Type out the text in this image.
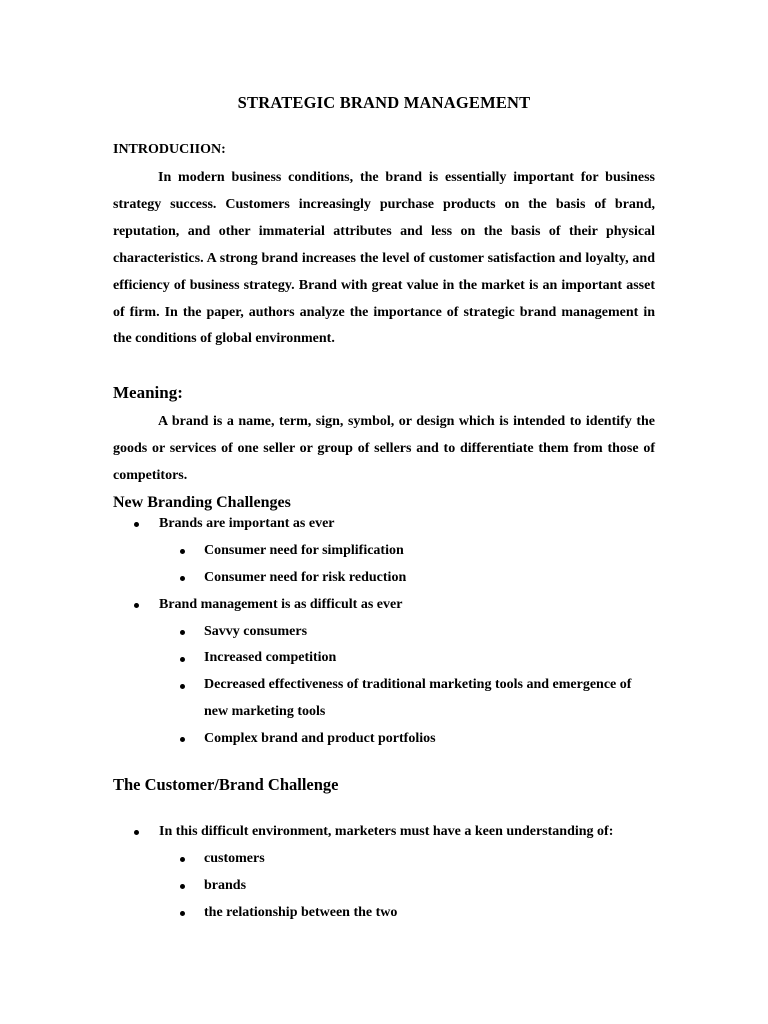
STRATEGIC BRAND MANAGEMENT
INTRODUCIION:

In modern business conditions, the brand is essentially important for business strategy success. Customers increasingly purchase products on the basis of brand, reputation, and other immaterial attributes and less on the basis of their physical characteristics. A strong brand increases the level of customer satisfaction and loyalty, and efficiency of business strategy. Brand with great value in the market is an important asset of firm. In the paper, authors analyze the importance of strategic brand management in the conditions of global environment.

Meaning:

A brand is a name, term, sign, symbol, or design which is intended to identify the goods or services of one seller or group of sellers and to differentiate them from those of competitors.

New Branding Challenges
Brands are important as ever
Consumer need for simplification
Consumer need for risk reduction
Brand management is as difficult as ever
Savvy consumers
Increased competition
Decreased effectiveness of traditional marketing tools and emergence of new marketing tools
Complex brand and product portfolios
The Customer/Brand Challenge
In this difficult environment, marketers must have a keen understanding of:
customers
brands
the relationship between the two
